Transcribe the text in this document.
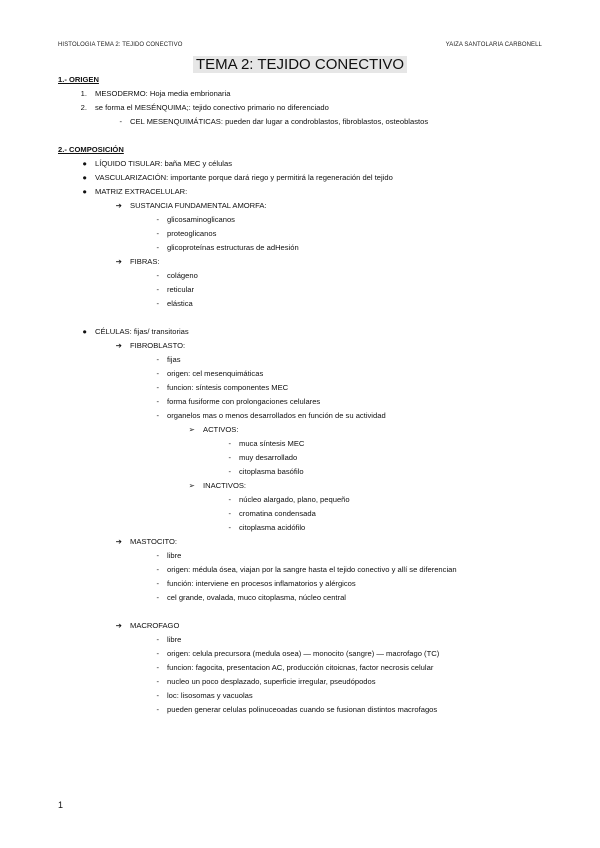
HISTOLOGIA TEMA 2: TEJIDO CONECTIVO	YAIZA SANTOLARIA CARBONELL
TEMA 2: TEJIDO CONECTIVO
1.- ORIGEN
1. MESODERMO: Hoja media embrionaria
2. se forma el MESÉNQUIMA;: tejido conectivo primario no diferenciado
- CEL MESENQUIMÁTICAS: pueden dar lugar a condroblastos, fibroblastos, osteoblastos
2.- COMPOSICIÓN
● LÍQUIDO TISULAR: baña MEC y células
● VASCULARIZACIÓN: importante porque dará riego y permitirá la regeneración del tejido
● MATRIZ EXTRACELULAR:
➔ SUSTANCIA FUNDAMENTAL AMORFA:
- glicosaminoglicanos
- proteoglicanos
- glicoproteínas estructuras de adHesión
➔ FIBRAS:
- colágeno
- reticular
- elástica
● CÉLULAS: fijas/ transitorias
➔ FIBROBLASTO:
- fijas
- origen: cel mesenquimáticas
- funcion: síntesis componentes MEC
- forma fusiforme con prolongaciones celulares
- organelos mas o menos desarrollados en función de su actividad
➢ ACTIVOS:
- muca síntesis MEC
- muy desarrollado
- citoplasma basófilo
➢ INACTIVOS:
- núcleo alargado, plano, pequeño
- cromatina condensada
- citoplasma acidófilo
➔ MASTOCITO:
- libre
- origen: médula ósea, viajan por la sangre hasta el tejido conectivo y allí se diferencian
- función: interviene en procesos inflamatorios y alérgicos
- cel grande, ovalada, muco citoplasma, núcleo central
➔ MACROFAGO
- libre
- origen: celula precursora (medula osea) — monocito (sangre) — macrofago (TC)
- funcion: fagocita, presentacion AC, producción citoicnas, factor necrosis celular
- nucleo un poco desplazado, superficie irregular, pseudópodos
- loc: lisosomas y vacuolas
- pueden generar celulas polinuceoadas cuando se fusionan distintos macrofagos
1
